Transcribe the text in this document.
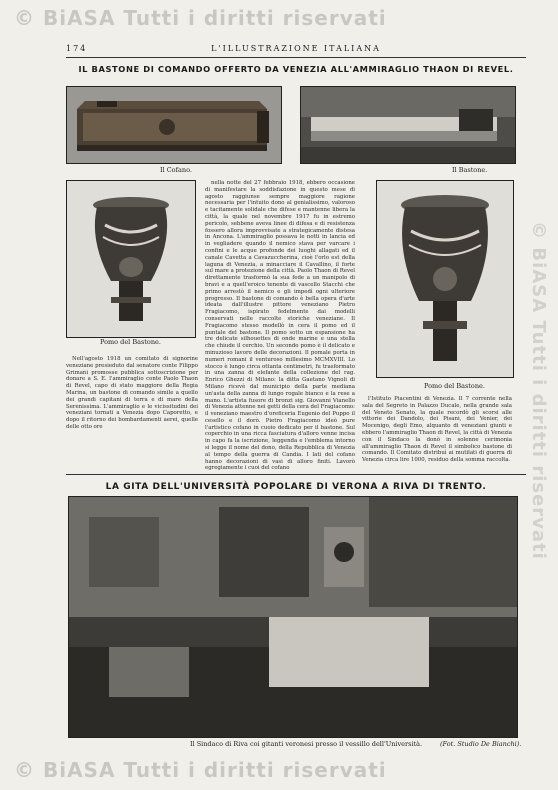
© BiASA Tutti i diritti riservati
© BiASA Tutti i diritti riservati
© BiASA Tutti i diritti riservati
174	L'ILLUSTRAZIONE ITALIANA
IL BASTONE DI COMANDO OFFERTO DA VENEZIA ALL'AMMIRAGLIO THAON DI REVEL.
Il Cofano.	Il Bastone.
Pomo del Bastone.

nella notte del 27 febbraio 1918, ebbero occasione di manifestare la soddisfazione in questo mese di agosto raggiunse sempre maggiore ragione necessaria per l'intuito dono al genialissimo, valoroso e tacitamente solidale che difese e mantenne libera la città, la quale nel novembre 1917 fu in estremo pericolo, sebbene aveva linee di difesa e di resistenza fossero allora improvvisate a strategicamente distesa in Ancona. L'ammiraglio possava le notti in lancia ed in vegliadere quando il nemico stava per varcare i confini e le acque profonde dei luoghi allagati ed il canale Cavetta a Cavazuccherina, cioè l'orlo est della laguna di Venezia, a minacciare il Cavallino, il forte sul mare a protezione della città. Paolo Thaon di Revel direttamente trasformò la sua fede a un manipolo di bravi e a quell'eroico tenente di vascello Stacchi che primo arrestò il nemico e gli impedì ogni ulteriore progresso. Il bastone di comando è bella opera d'arte ideata dall'illustre pittore veneziano Pietro Fragiacomo, ispirato fedelmente dai modelli conservati nelle raccolte storiche veneziane. Il Fragiacomo stesso modellò in cera il pomo ed il puntale del bastone. Il pomo sotto un espansione ha tre delicate silhouettes di onde marine e una stella che chiude il cerchio. Un secondo pomo è il delicato e minuzioso lavoro delle decorazioni. Il pomale porta in numeri romani il venturoso millesimo MCMXVIII. Lo stocco è lungo circa ottanta centimetri, fu trasformato in una zanna di elefante della collezione del rag. Enrico Ghezzi di Milano: la ditta Gaetano Vignoli di Milano ricevè dal municipio della parte mediana un'asta della zanna di lungo rogale bianco e la rese a mano. L'artista fusore di bronzi sig. Giovanni Vianello di Venezia attenne nei getti della cera del Fragiacomo: il veneziano maestro d'oreficeria Eugenio del Puppo il cesello e il dorò. Pietro Fragiacomo ideò pure l'artistico cofano in cuoio dedicato per il bastone. Sul coperchio in una ricca fasciatura d'alloro venne incisa in capo fa la iscrizione, leggenda e l'emblema intorno si legge il nome del dono, della Repubblica di Venezia al tempo della guerra di Candia. I lati del cofano hanno decorazioni di vasi di alloro finiti. Lavorò egregiamente i cuoi del cofano

Pomo del Bastone.

Nell'agosto 1918 un comitato di signorine veneziane presieduto dal senatore conte Filippo Grimani promosse pubblica sottoscrizione per donare a S. E. l'ammiraglio conte Paolo Thaon di Revel, capo di stato maggiore della Regia Marina, un bastone di comando simile a quello dei grandi capitani di terra e di mare della Serenissima. L'ammiraglio e le vicissitudini dei veneziani tornati a Venezia dopo Caporetto, e dopo il ritorno dei bombardamenti aerei, quelle delle otto ore

l'Istituto Piacentini di Venezia. Il 7 corrente nella sala del Segreto in Palazzo Ducale, nella grande sala del Veneto Senato, la quale recordò gli scorsi alle vittorie dei Dandolo, dei Pisani, dei Venier, dei Mocenigo, degli Emo, alquanto di veneziani giunti e ebbero l'ammiraglio Thaon di Revel, la città di Venezia con il Sindaco la donò in solenne cerimonia all'ammiraglio Thaon di Revel il simbolico bastone di comando. Il Comitato distribuì ai mutilati di guerra di Venezia circa lire 1000, residuo della somma raccolta.

LA GITA DELL'UNIVERSITÀ POPOLARE DI VERONA A RIVA DI TRENTO.
Il Sindaco di Riva coi gitanti veronesi presso il vessillo dell'Università.	(Fot. Studio De Bianchi).
